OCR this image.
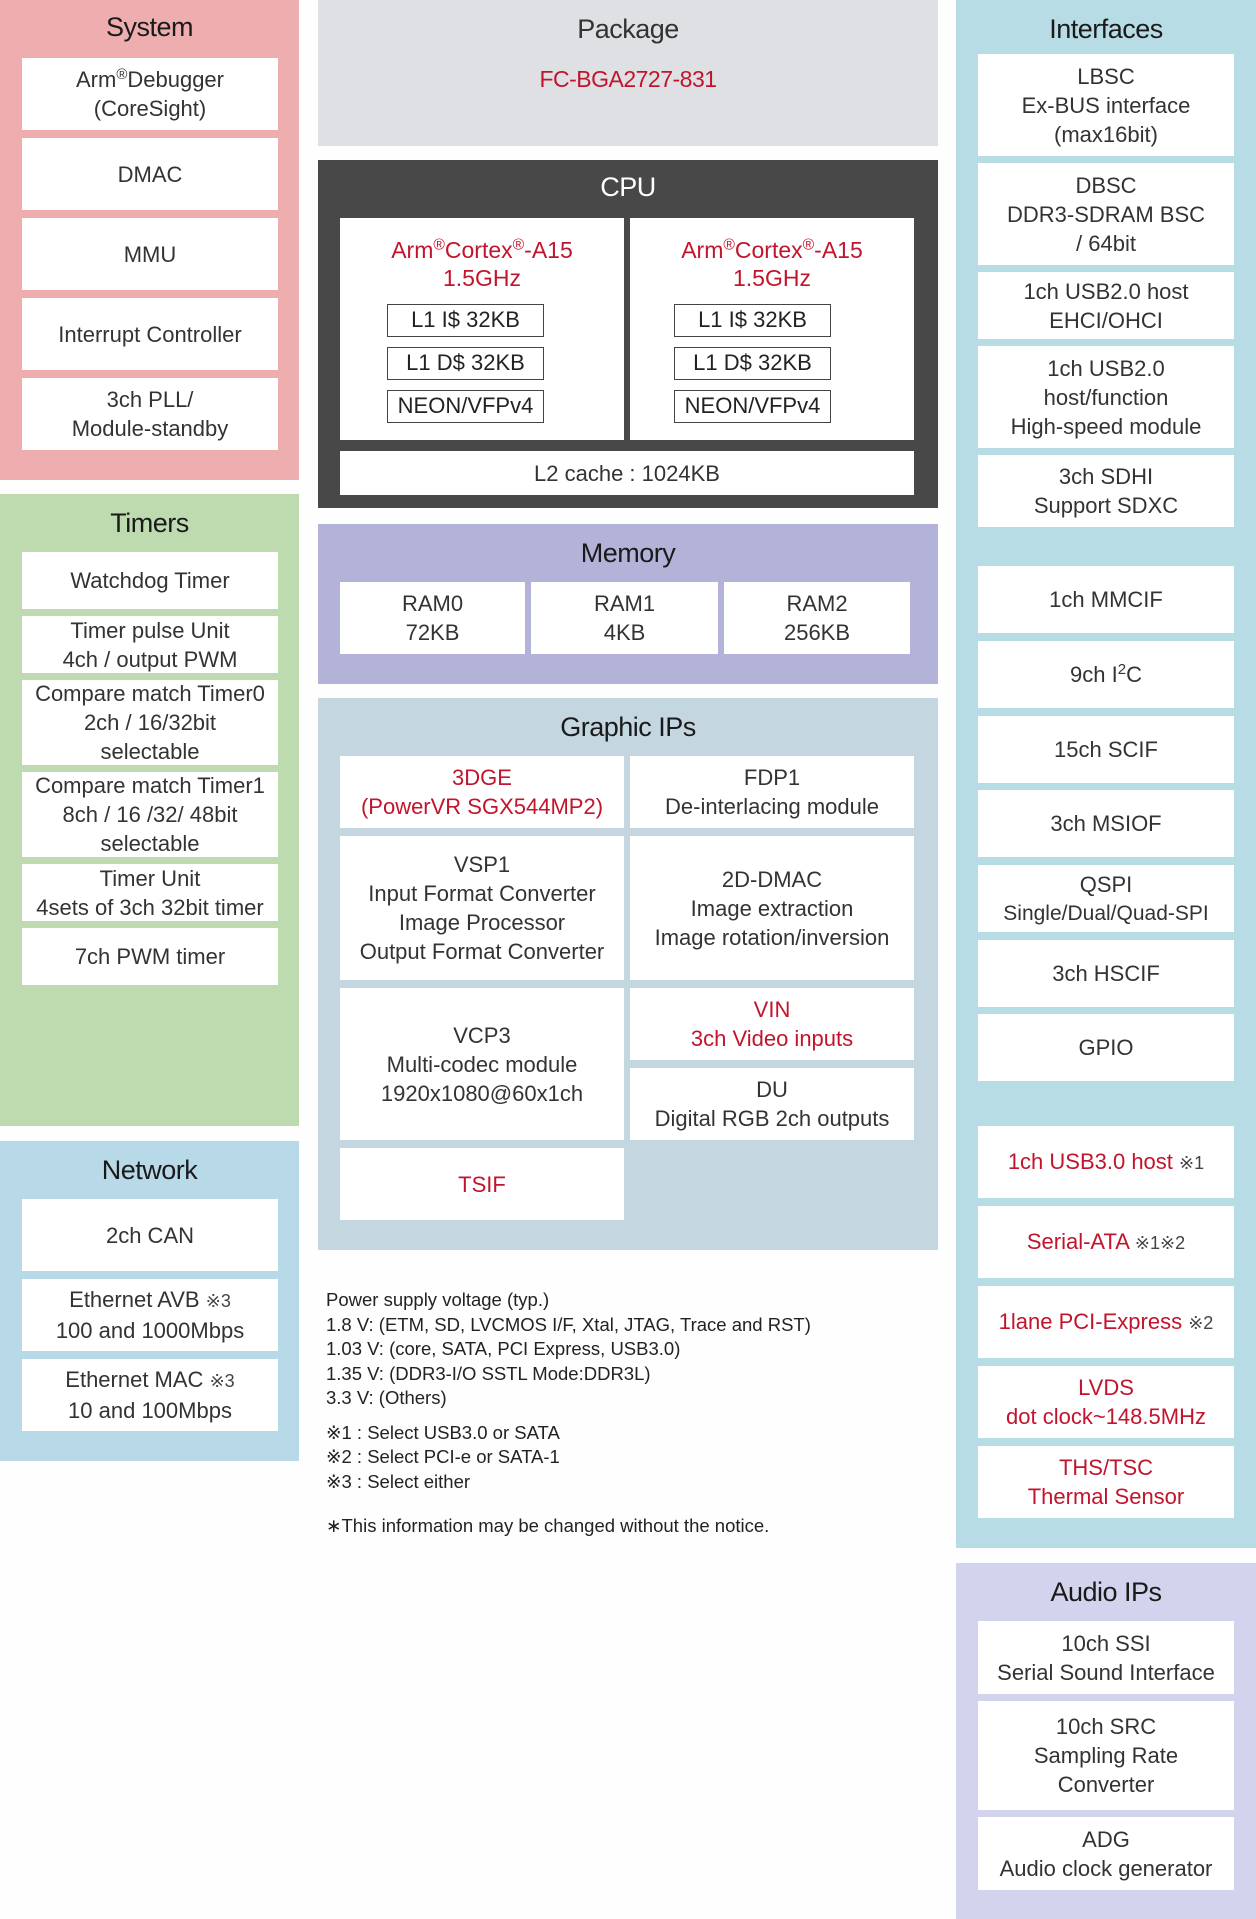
System
Arm®Debugger
(CoreSight)
DMAC
MMU
Interrupt Controller
3ch PLL/
Module-standby
Timers
Watchdog Timer
Timer pulse Unit
4ch / output PWM
Compare match Timer0
2ch / 16/32bit
selectable
Compare match Timer1
8ch / 16 /32/ 48bit
selectable
Timer Unit
4sets of 3ch 32bit timer
7ch PWM timer
Network
2ch CAN
Ethernet AVB ※3
100 and 1000Mbps
Ethernet MAC ※3
10 and 100Mbps
Package
FC-BGA2727-831
CPU
Arm®Cortex®-A15
1.5GHz
L1 I$ 32KB
L1 D$ 32KB
NEON/VFPv4
Arm®Cortex®-A15
1.5GHz
L1 I$ 32KB
L1 D$ 32KB
NEON/VFPv4
L2 cache : 1024KB
Memory
RAM0
72KB
RAM1
4KB
RAM2
256KB
Graphic IPs
3DGE
(PowerVR SGX544MP2)
FDP1
De-interlacing module
VSP1
Input Format Converter
Image Processor
Output Format Converter
2D-DMAC
Image extraction
Image rotation/inversion
VCP3
Multi-codec module
1920x1080@60x1ch
VIN
3ch Video inputs
DU
Digital RGB 2ch outputs
TSIF
Power supply voltage (typ.)
1.8 V: (ETM, SD, LVCMOS I/F, Xtal, JTAG, Trace and RST)
1.03 V: (core, SATA, PCI Express, USB3.0)
1.35 V: (DDR3-I/O SSTL Mode:DDR3L)
3.3 V: (Others)
※1 : Select USB3.0 or SATA
※2 : Select PCI-e or SATA-1
※3 : Select either
∗This information may be changed without the notice.
Interfaces
LBSC
Ex-BUS interface
(max16bit)
DBSC
DDR3-SDRAM BSC
/ 64bit
1ch USB2.0 host
EHCI/OHCI
1ch USB2.0
host/function
High-speed module
3ch SDHI
Support SDXC
1ch MMCIF
9ch $I^2C$
15ch SCIF
3ch MSIOF
QSPI
Single/Dual/Quad-SPI
3ch HSCIF
GPIO
1ch USB3.0 host ※1
Serial-ATA ※1※2
1lane PCI-Express ※2
LVDS
dot clock~148.5MHz
THS/TSC
Thermal Sensor
Audio IPs
10ch SSI
Serial Sound Interface
10ch SRC
Sampling Rate
Converter
ADG
Audio clock generator
